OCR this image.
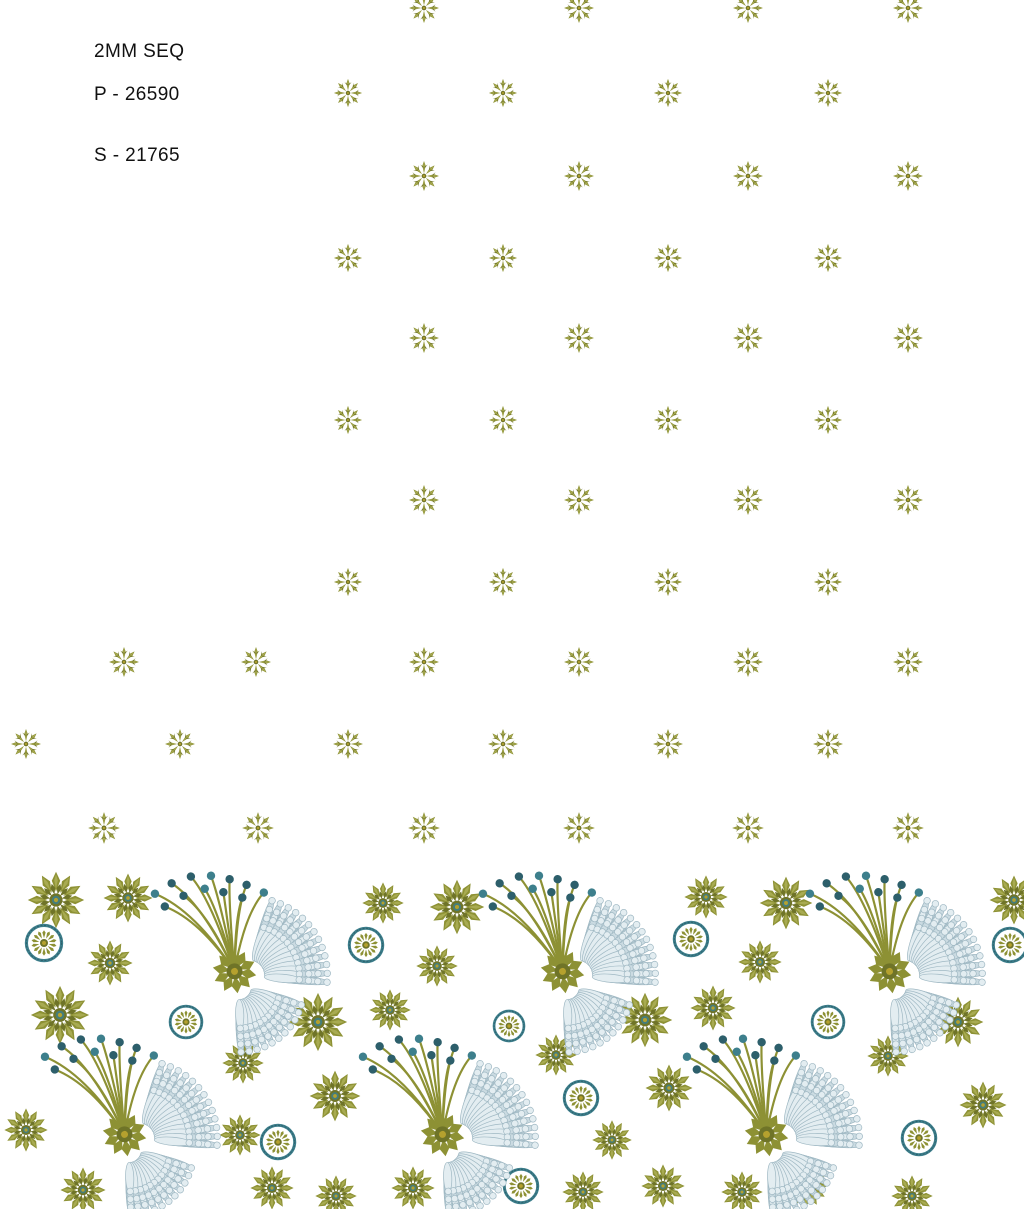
2MM SEQ
P - 26590
S - 21765
